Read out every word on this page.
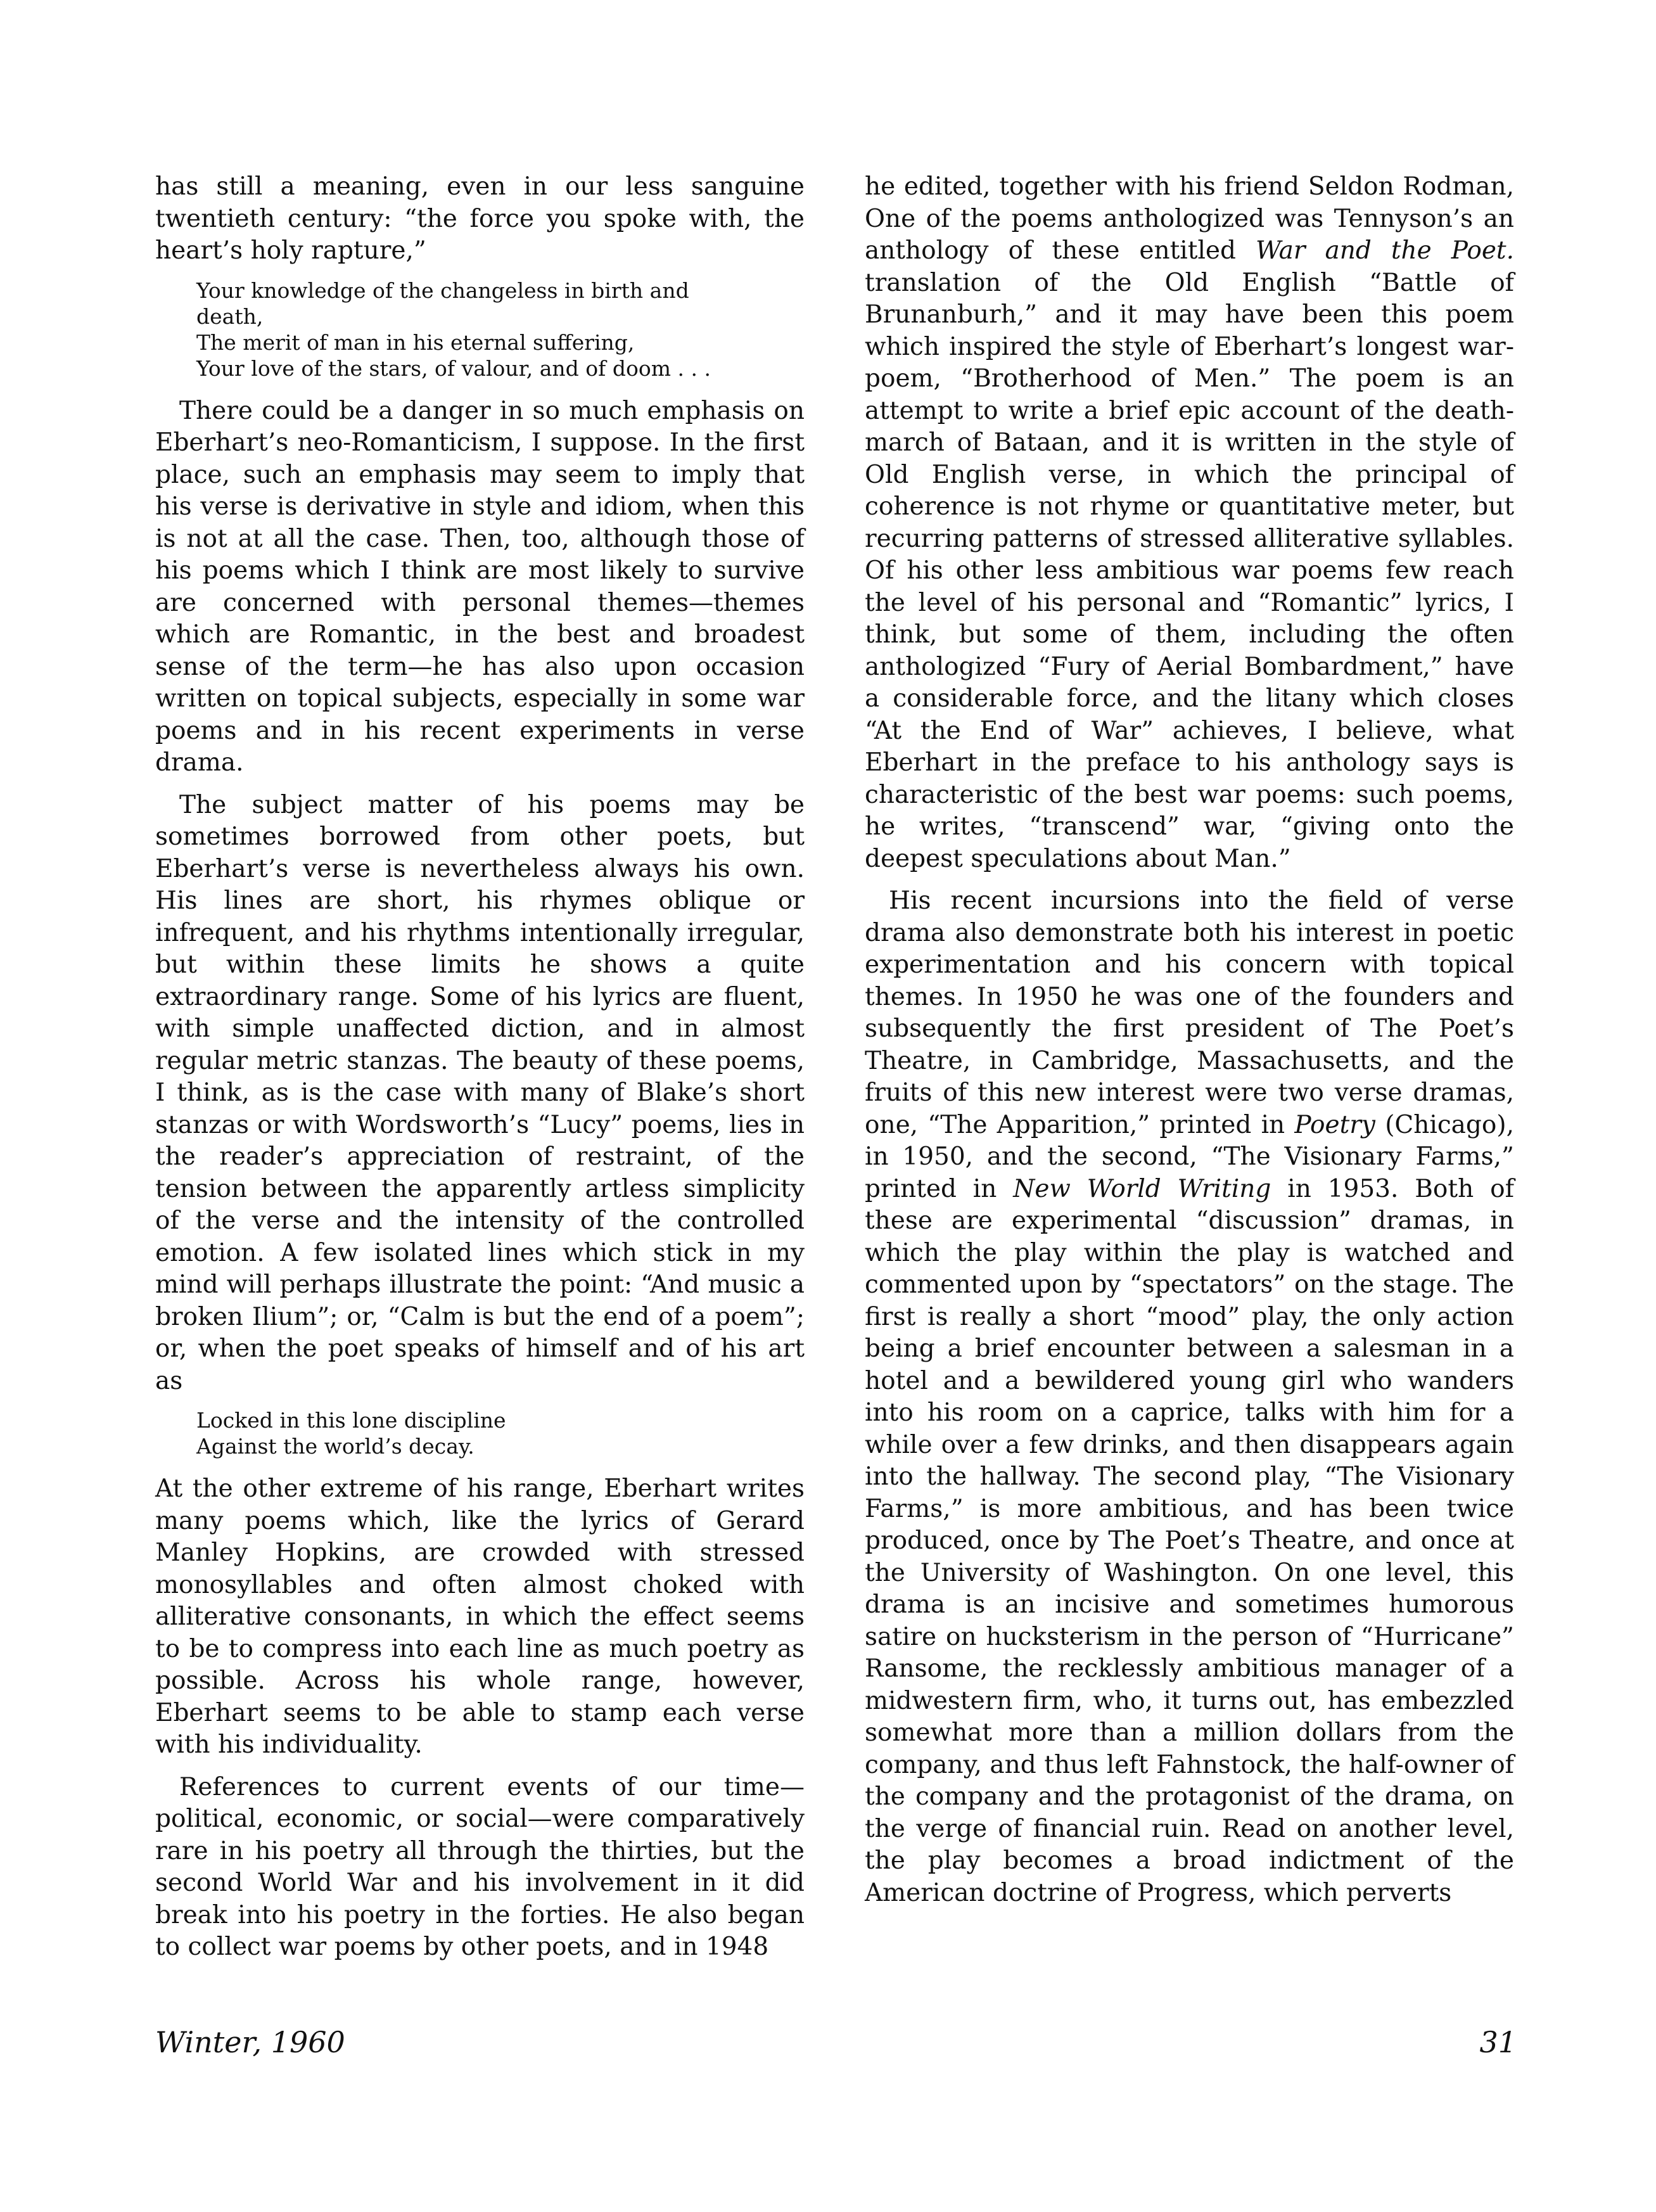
has still a meaning, even in our less sanguine twentieth century: “the force you spoke with, the heart’s holy rapture,”

Your knowledge of the changeless in birth and
death,
The merit of man in his eternal suffering,
Your love of the stars, of valour, and of doom . . .

There could be a danger in so much emphasis on Eberhart’s neo-Romanticism, I suppose. In the first place, such an emphasis may seem to imply that his verse is derivative in style and idiom, when this is not at all the case. Then, too, although those of his poems which I think are most likely to survive are concerned with personal themes—themes which are Romantic, in the best and broadest sense of the term—he has also upon occasion written on topical subjects, especially in some war poems and in his recent experiments in verse drama.

The subject matter of his poems may be sometimes borrowed from other poets, but Eberhart’s verse is nevertheless always his own. His lines are short, his rhymes oblique or infrequent, and his rhythms intentionally irregular, but within these limits he shows a quite extraordinary range. Some of his lyrics are fluent, with simple unaffected diction, and in almost regular metric stanzas. The beauty of these poems, I think, as is the case with many of Blake’s short stanzas or with Wordsworth’s “Lucy” poems, lies in the reader’s appreciation of restraint, of the tension between the apparently artless simplicity of the verse and the intensity of the controlled emotion. A few isolated lines which stick in my mind will perhaps illustrate the point: “And music a broken Ilium”; or, “Calm is but the end of a poem”; or, when the poet speaks of himself and of his art as

Locked in this lone discipline
Against the world’s decay.

At the other extreme of his range, Eberhart writes many poems which, like the lyrics of Gerard Manley Hopkins, are crowded with stressed monosyllables and often almost choked with alliterative consonants, in which the effect seems to be to compress into each line as much poetry as possible. Across his whole range, however, Eberhart seems to be able to stamp each verse with his individuality.

References to current events of our time—political, economic, or social—were comparatively rare in his poetry all through the thirties, but the second World War and his involvement in it did break into his poetry in the forties. He also began to collect war poems by other poets, and in 1948

he edited, together with his friend Seldon Rodman, One of the poems anthologized was Tennyson’s an anthology of these entitled War and the Poet. translation of the Old English “Battle of Brunanburh,” and it may have been this poem which inspired the style of Eberhart’s longest war-poem, “Brotherhood of Men.” The poem is an attempt to write a brief epic account of the death-march of Bataan, and it is written in the style of Old English verse, in which the principal of coherence is not rhyme or quantitative meter, but recurring patterns of stressed alliterative syllables. Of his other less ambitious war poems few reach the level of his personal and “Romantic” lyrics, I think, but some of them, including the often anthologized “Fury of Aerial Bombardment,” have a considerable force, and the litany which closes “At the End of War” achieves, I believe, what Eberhart in the preface to his anthology says is characteristic of the best war poems: such poems, he writes, “transcend” war, “giving onto the deepest speculations about Man.”

His recent incursions into the field of verse drama also demonstrate both his interest in poetic experimentation and his concern with topical themes. In 1950 he was one of the founders and subsequently the first president of The Poet’s Theatre, in Cambridge, Massachusetts, and the fruits of this new interest were two verse dramas, one, “The Apparition,” printed in Poetry (Chicago), in 1950, and the second, “The Visionary Farms,” printed in New World Writing in 1953. Both of these are experimental “discussion” dramas, in which the play within the play is watched and commented upon by “spectators” on the stage. The first is really a short “mood” play, the only action being a brief encounter between a salesman in a hotel and a bewildered young girl who wanders into his room on a caprice, talks with him for a while over a few drinks, and then disappears again into the hallway. The second play, “The Visionary Farms,” is more ambitious, and has been twice produced, once by The Poet’s Theatre, and once at the University of Washington. On one level, this drama is an incisive and sometimes humorous satire on hucksterism in the person of “Hurricane” Ransome, the recklessly ambitious manager of a midwestern firm, who, it turns out, has embezzled somewhat more than a million dollars from the company, and thus left Fahnstock, the half-owner of the company and the protagonist of the drama, on the verge of financial ruin. Read on another level, the play becomes a broad indictment of the American doctrine of Progress, which perverts

Winter, 1960	31
